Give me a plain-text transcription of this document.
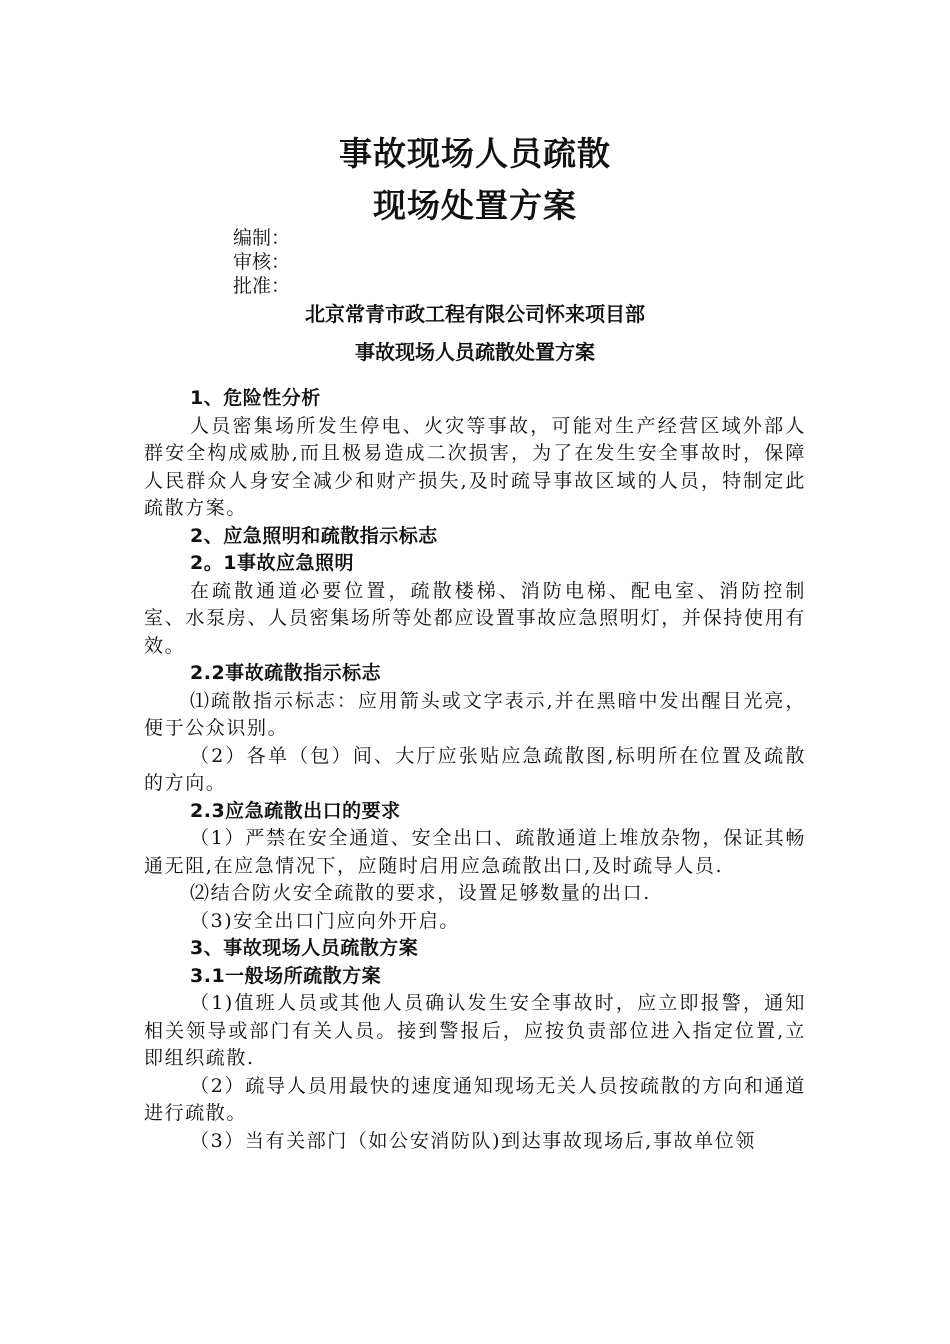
事故现场人员疏散
现场处置方案
编制：
审核：
批准：
北京常青市政工程有限公司怀来项目部
事故现场人员疏散处置方案

1、危险性分析

人员密集场所发生停电、火灾等事故，可能对生产经营区域外部人群安全构成威胁,而且极易造成二次损害，为了在发生安全事故时，保障人民群众人身安全减少和财产损失,及时疏导事故区域的人员，特制定此疏散方案。

2、应急照明和疏散指示标志

2。1事故应急照明

在疏散通道必要位置，疏散楼梯、消防电梯、配电室、消防控制室、水泵房、人员密集场所等处都应设置事故应急照明灯，并保持使用有效。

2.2事故疏散指示标志

⑴疏散指示标志：应用箭头或文字表示,并在黑暗中发出醒目光亮，便于公众识别。

（2）各单（包）间、大厅应张贴应急疏散图,标明所在位置及疏散的方向。

2.3应急疏散出口的要求

（1）严禁在安全通道、安全出口、疏散通道上堆放杂物，保证其畅通无阻,在应急情况下，应随时启用应急疏散出口,及时疏导人员.

⑵结合防火安全疏散的要求，设置足够数量的出口.

（3)安全出口门应向外开启。

3、事故现场人员疏散方案

3.1一般场所疏散方案

（1)值班人员或其他人员确认发生安全事故时，应立即报警，通知相关领导或部门有关人员。接到警报后，应按负责部位进入指定位置,立即组织疏散.

（2）疏导人员用最快的速度通知现场无关人员按疏散的方向和通道进行疏散。

（3）当有关部门（如公安消防队)到达事故现场后,事故单位领
